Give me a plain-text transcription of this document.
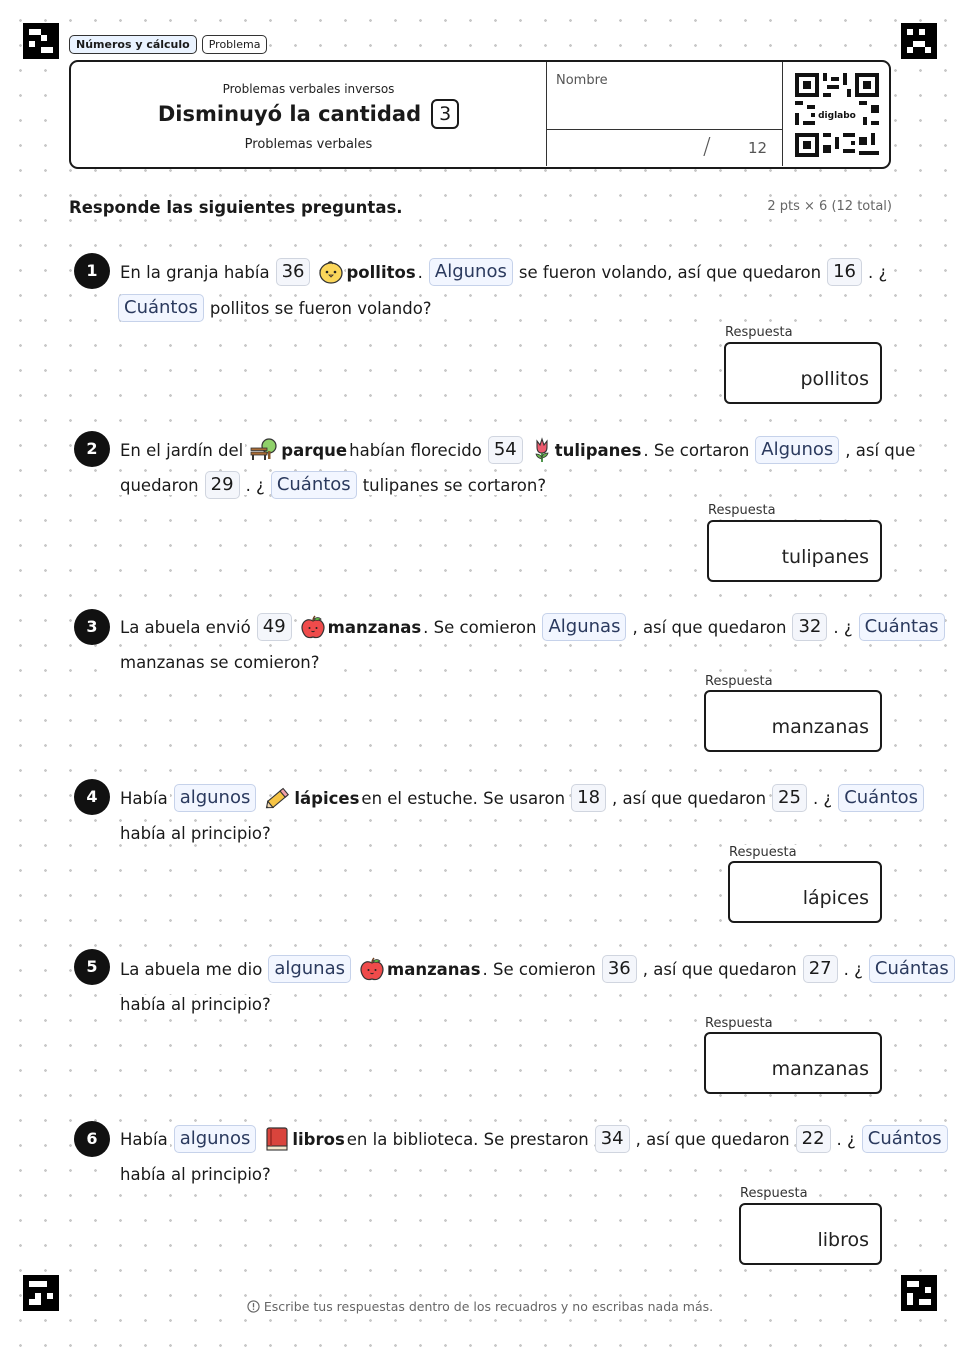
Números y cálculo	Problema
Problemas verbales inversos
Disminuyó la cantidad 3
Problemas verbales
Nombre
/ 12
diglabo
Responde las siguientes preguntas.	2 pts × 6 (12 total)
1	En la granja había 36	pollitos . Algunos se fueron volando, así que quedaron 16 . ¿
Cuántos pollitos se fueron volando?
Respuesta
pollitos
2	En el jardín del parque habían florecido 54	tulipanes . Se cortaron Algunos , así que
quedaron 29 . ¿ Cuántos tulipanes se cortaron?
Respuesta
tulipanes
3	La abuela envió 49	manzanas . Se comieron Algunas , así que quedaron 32 . ¿ Cuántas
manzanas se comieron?
Respuesta
manzanas
4	Había algunos	lápices en el estuche. Se usaron 18 , así que quedaron 25 . ¿ Cuántos
había al principio?
Respuesta
lápices
5	La abuela me dio algunas	manzanas . Se comieron 36 , así que quedaron 27 . ¿ Cuántas
había al principio?
Respuesta
manzanas
6	Había algunos	libros en la biblioteca. Se prestaron 34 , así que quedaron 22 . ¿ Cuántos
había al principio?
Respuesta
libros
Escribe tus respuestas dentro de los recuadros y no escribas nada más.
